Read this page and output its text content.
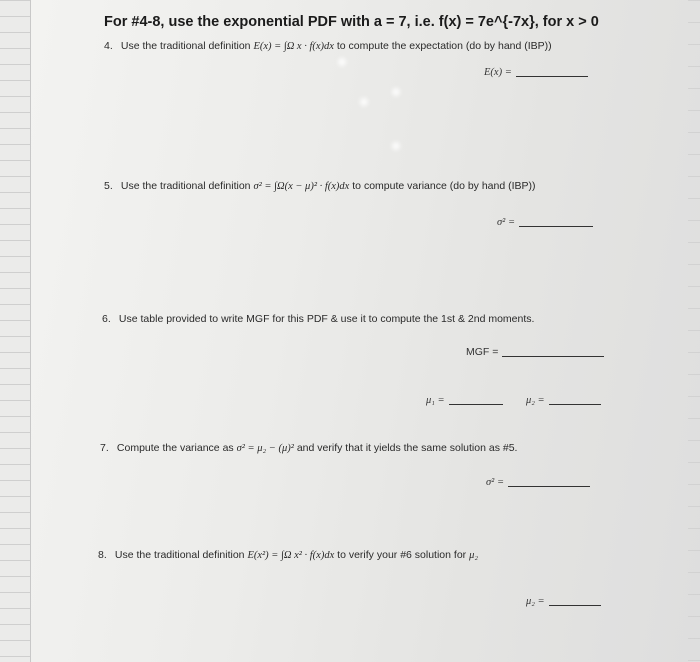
For #4-8, use the exponential PDF with a = 7, i.e. f(x) = 7e^{-7x}, for x > 0
4. Use the traditional definition E(x) = ∫Ω x · f(x)dx to compute the expectation (do by hand (IBP))
E(x) =
5. Use the traditional definition σ² = ∫Ω(x − μ)² · f(x)dx to compute variance (do by hand (IBP))
σ² =
6. Use table provided to write MGF for this PDF & use it to compute the 1st & 2nd moments.
MGF =
μ₁ =	μ₂ =
7. Compute the variance as σ² = μ₂ − (μ)² and verify that it yields the same solution as #5.
σ² =
8. Use the traditional definition E(x²) = ∫Ω x² · f(x)dx to verify your #6 solution for μ₂
μ₂ =
